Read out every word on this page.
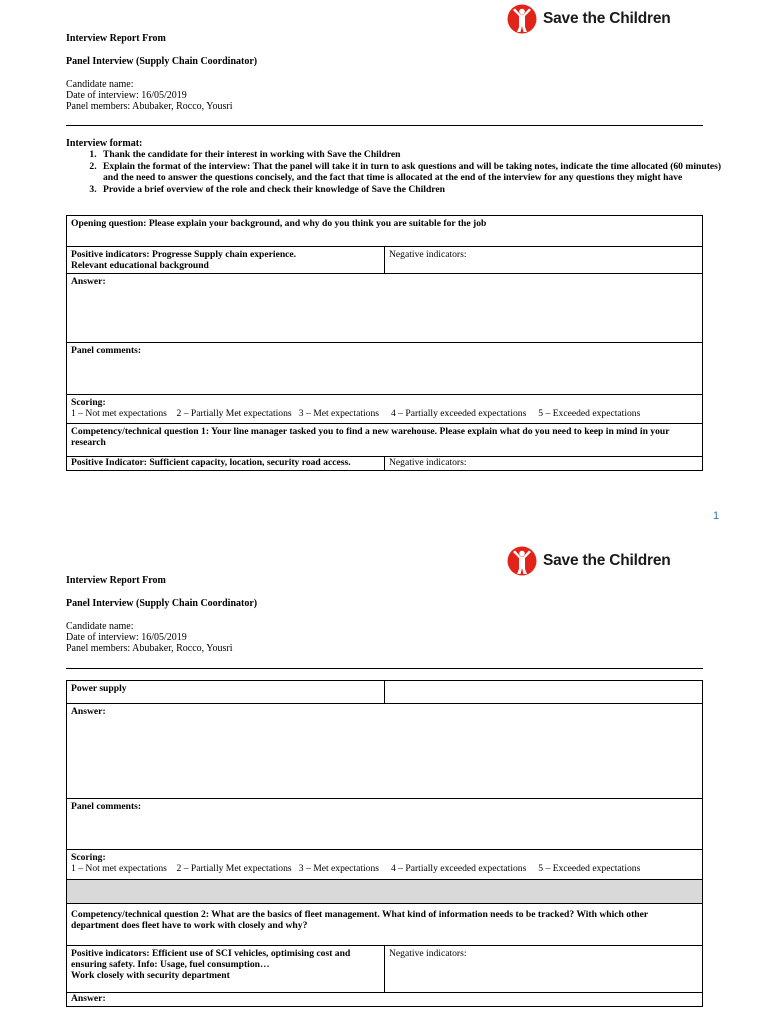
Save the Children
Interview Report From
Panel Interview (Supply Chain Coordinator)
Candidate name:
Date of interview: 16/05/2019
Panel members: Abubaker, Rocco, Yousri
Interview format:
1. Thank the candidate for their interest in working with Save the Children
2. Explain the format of the interview: That the panel will take it in turn to ask questions and will be taking notes, indicate the time allocated (60 minutes) and the need to answer the questions concisely, and the fact that time is allocated at the end of the interview for any questions they might have
3. Provide a brief overview of the role and check their knowledge of Save the Children
Opening question: Please explain your background, and why do you think you are suitable for the job	

Positive indicators: Progresse Supply chain experience.
Relevant educational background	Negative indicators:
Answer:	
Panel comments:	

Scoring:
1 – Not met expectations    2 – Partially Met expectations   3 – Met expectations     4 – Partially exceeded expectations     5 – Exceeded expectations	

Competency/technical question 1: Your line manager tasked you to find a new warehouse. Please explain what do you need to keep in mind in your research	
Positive Indicator: Sufficient capacity, location, security road access.	Negative indicators:
1
Save the Children
Interview Report From
Panel Interview (Supply Chain Coordinator)
Candidate name:
Date of interview: 16/05/2019
Panel members: Abubaker, Rocco, Yousri
Power supply	
Answer:	
Panel comments:	

Scoring:
1 – Not met expectations    2 – Partially Met expectations   3 – Met expectations     4 – Partially exceeded expectations     5 – Exceeded expectations	

Competency/technical question 2: What are the basics of fleet management. What kind of information needs to be tracked? With which other department does fleet have to work with closely and why?	

Positive indicators: Efficient use of SCI vehicles, optimising cost and ensuring safety. Info: Usage, fuel consumption…
Work closely with security department	Negative indicators:
Answer:	
